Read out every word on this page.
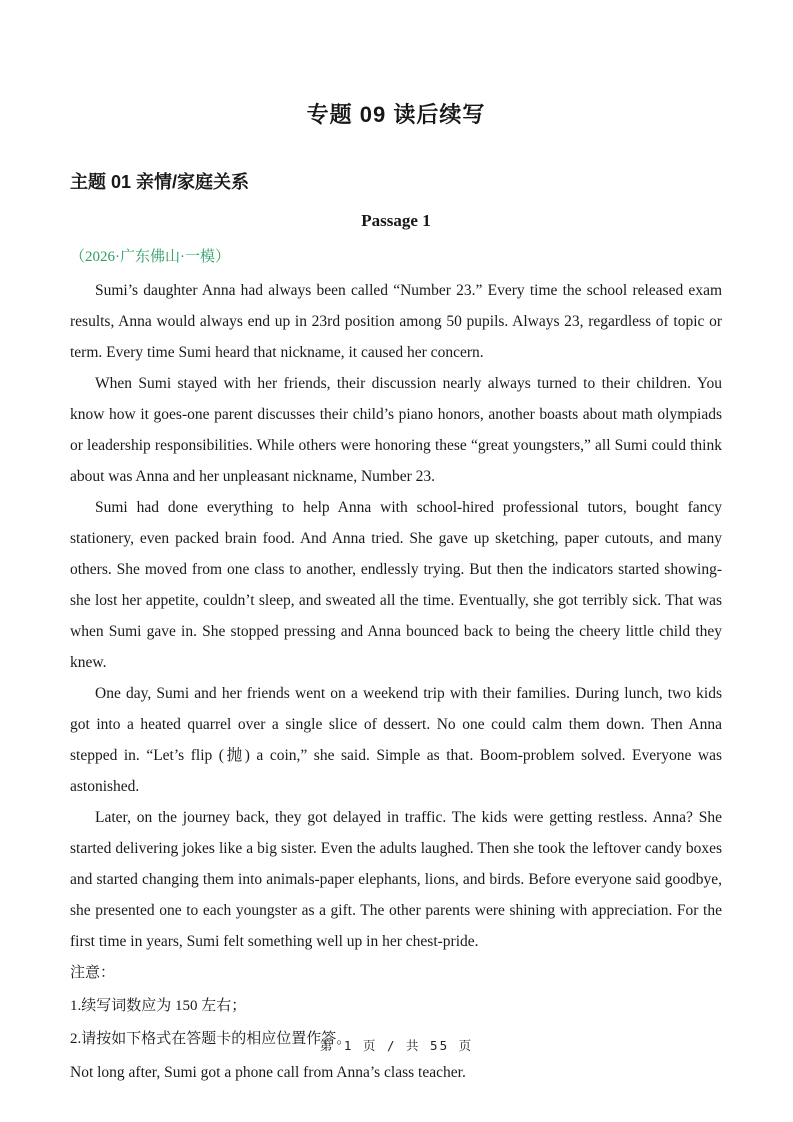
专题 09 读后续写
主题 01 亲情/家庭关系
Passage 1
（2026·广东佛山·一模）

Sumi’s daughter Anna had always been called “Number 23.” Every time the school released exam results, Anna would always end up in 23rd position among 50 pupils. Always 23, regardless of topic or term. Every time Sumi heard that nickname, it caused her concern.

When Sumi stayed with her friends, their discussion nearly always turned to their children. You know how it goes-one parent discusses their child’s piano honors, another boasts about math olympiads or leadership responsibilities. While others were honoring these “great youngsters,” all Sumi could think about was Anna and her unpleasant nickname, Number 23.

Sumi had done everything to help Anna with school-hired professional tutors, bought fancy stationery, even packed brain food. And Anna tried. She gave up sketching, paper cutouts, and many others. She moved from one class to another, endlessly trying. But then the indicators started showing-she lost her appetite, couldn’t sleep, and sweated all the time. Eventually, she got terribly sick. That was when Sumi gave in. She stopped pressing and Anna bounced back to being the cheery little child they knew.

One day, Sumi and her friends went on a weekend trip with their families. During lunch, two kids got into a heated quarrel over a single slice of dessert. No one could calm them down. Then Anna stepped in. “Let’s flip (抛) a coin,” she said. Simple as that. Boom-problem solved. Everyone was astonished.

Later, on the journey back, they got delayed in traffic. The kids were getting restless. Anna? She started delivering jokes like a big sister. Even the adults laughed. Then she took the leftover candy boxes and started changing them into animals-paper elephants, lions, and birds. Before everyone said goodbye, she presented one to each youngster as a gift. The other parents were shining with appreciation. For the first time in years, Sumi felt something well up in her chest-pride.

注意：
1.续写词数应为 150 左右；
2.请按如下格式在答题卡的相应位置作答。
Not long after, Sumi got a phone call from Anna’s class teacher.
第 1 页 / 共 55 页
